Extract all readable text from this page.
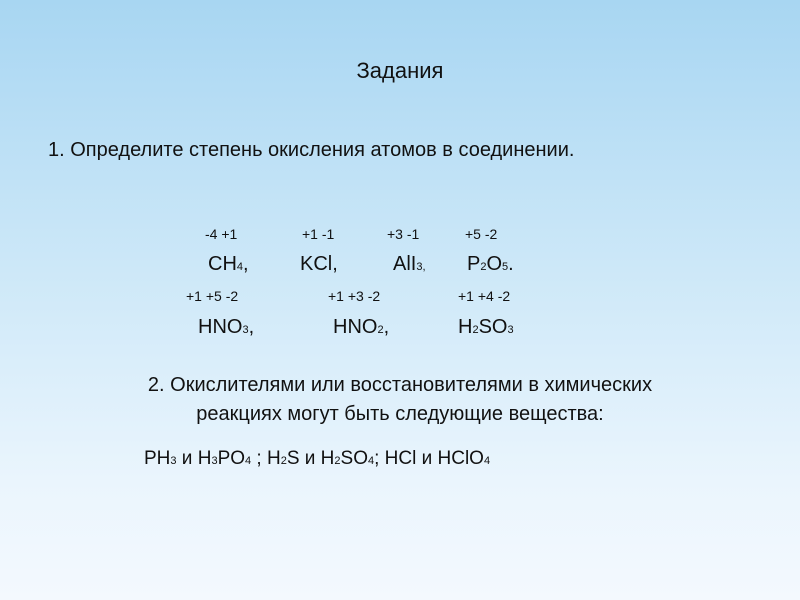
Задания
1. Определите степень окисления атомов в соединении.
-4 +1	+1 -1	+3 -1	+5 -2
CH4,	KCl,	AlI3, P2O5.
+1 +5 -2	+1 +3 -2	+1 +4 -2
HNO3,	HNO2,	H2SO3
2. Окислителями или восстановителями в химических
реакциях могут быть следующие вещества:
PH3 и H3PO4 ; H2S и H2SO4; HCl и HClO4
